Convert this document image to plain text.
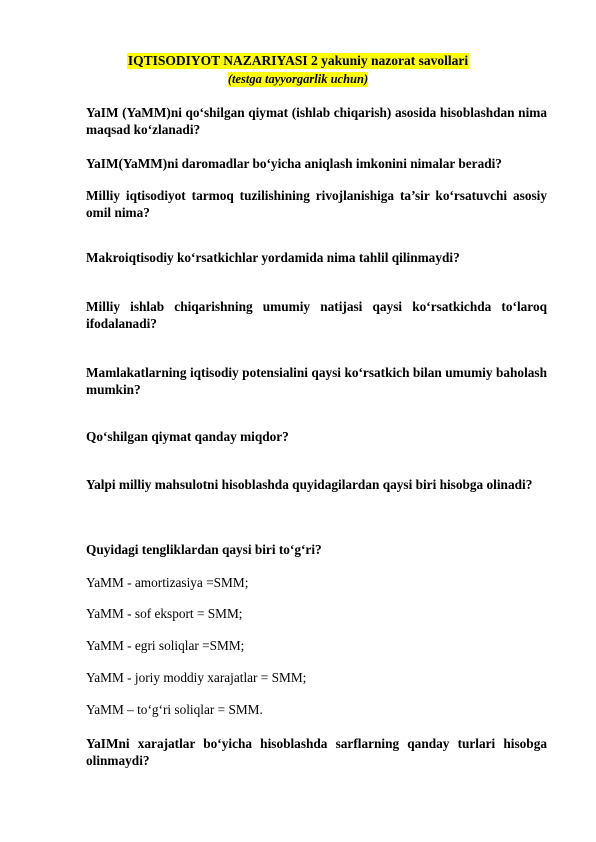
IQTISODIYOT NAZARIYASI 2 yakuniy nazorat savollari
(testga tayyorgarlik uchun)
YaIM (YaMM)ni qo‘shilgan qiymat (ishlab chiqarish) asosida hisoblashdan nima maqsad ko‘zlanadi?
YaIM(YaMM)ni daromadlar bo‘yicha aniqlash imkonini nimalar beradi?
Milliy iqtisodiyot tarmoq tuzilishining rivojlanishiga ta’sir ko‘rsatuvchi asosiy omil nima?
Makroiqtisodiy ko‘rsatkichlar yordamida nima tahlil qilinmaydi?
Milliy ishlab chiqarishning umumiy natijasi qaysi ko‘rsatkichda to‘laroq ifodalanadi?
Mamlakatlarning iqtisodiy potensialini qaysi ko‘rsatkich bilan umumiy baholash mumkin?
Qo‘shilgan qiymat qanday miqdor?
Yalpi milliy mahsulotni hisoblashda quyidagilardan qaysi biri hisobga olinadi?
Quyidagi tengliklardan qaysi biri to‘g‘ri?
YaMM - amortizasiya =SMM;
YaMM - sof eksport = SMM;
YaMM - egri soliqlar =SMM;
YaMM - joriy moddiy xarajatlar = SMM;
YaMM – to‘g‘ri soliqlar = SMM.
YaIMni xarajatlar bo‘yicha hisoblashda sarflarning qanday turlari hisobga olinmaydi?
